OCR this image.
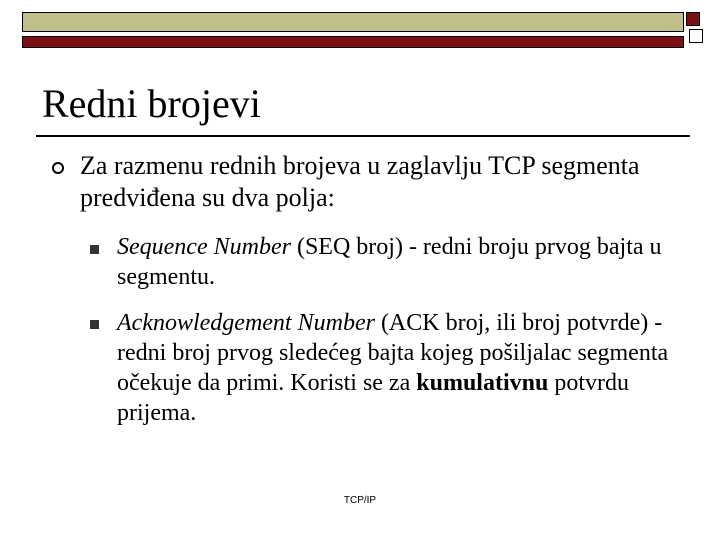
Redni brojevi
Za razmenu rednih brojeva u zaglavlju TCP segmenta predviđena su dva polja:
Sequence Number (SEQ broj) - redni broju prvog bajta u segmentu.
Acknowledgement Number (ACK broj, ili broj potvrde) - redni broj prvog sledećeg bajta kojeg pošiljalac segmenta očekuje da primi. Koristi se za kumulativnu potvrdu prijema.
TCP/IP
